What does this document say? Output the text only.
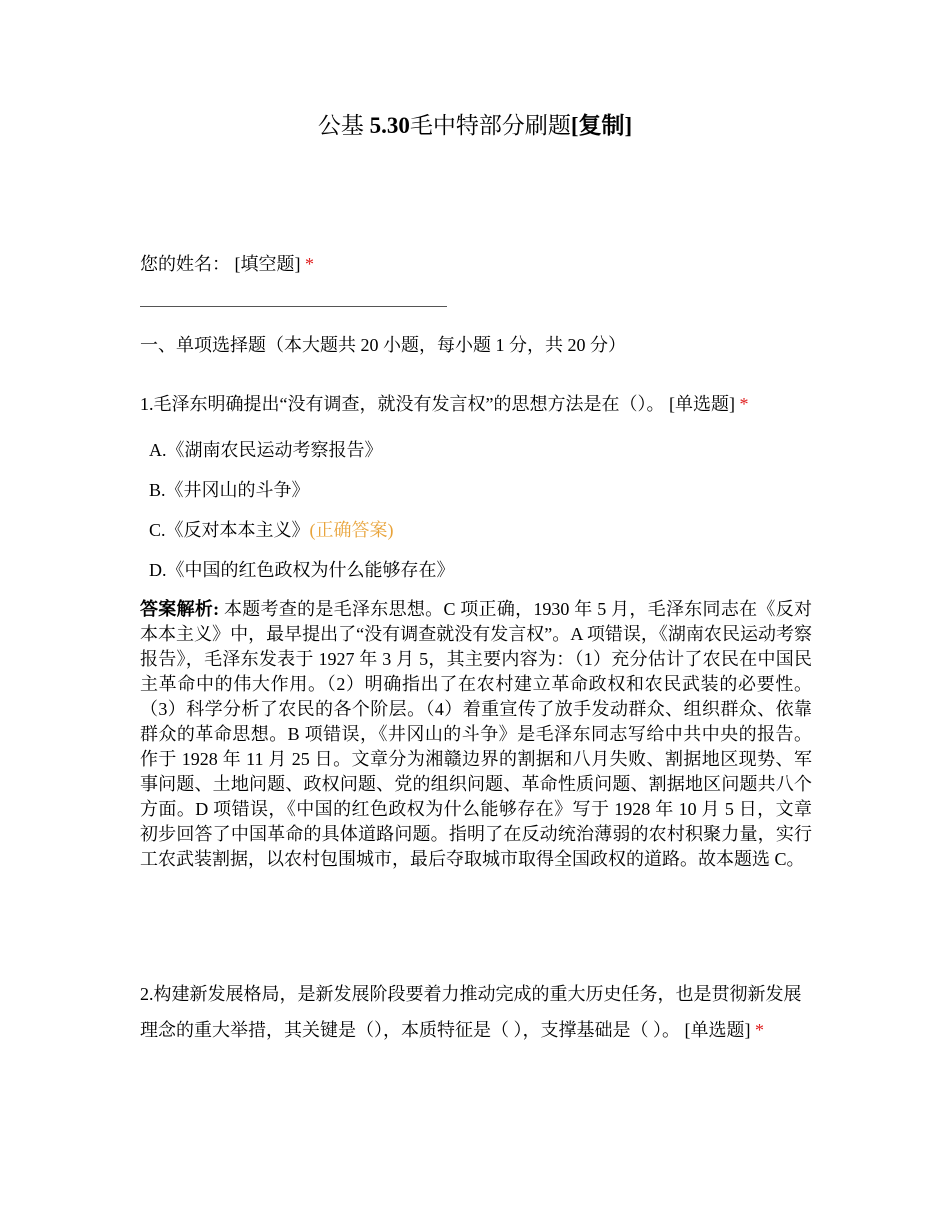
公基 5.30毛中特部分刷题[复制]
您的姓名： [填空题] *
一、单项选择题（本大题共 20 小题，每小题 1 分，共 20 分）
1.毛泽东明确提出“没有调查，就没有发言权”的思想方法是在（）。 [单选题] *
A.《湖南农民运动考察报告》
B.《井冈山的斗争》
C.《反对本本主义》(正确答案)
D.《中国的红色政权为什么能够存在》
答案解析: 本题考查的是毛泽东思想。C 项正确，1930 年 5 月，毛泽东同志在《反对本本主义》中，最早提出了“没有调查就没有发言权”。A 项错误，《湖南农民运动考察报告》，毛泽东发表于 1927 年 3 月 5，其主要内容为：（1）充分估计了农民在中国民主革命中的伟大作用。（2）明确指出了在农村建立革命政权和农民武装的必要性。（3）科学分析了农民的各个阶层。（4）着重宣传了放手发动群众、组织群众、依靠群众的革命思想。B 项错误，《井冈山的斗争》是毛泽东同志写给中共中央的报告。作于 1928 年 11 月 25 日。文章分为湘赣边界的割据和八月失败、割据地区现势、军事问题、土地问题、政权问题、党的组织问题、革命性质问题、割据地区问题共八个方面。D 项错误，《中国的红色政权为什么能够存在》写于 1928 年 10 月 5 日，文章初步回答了中国革命的具体道路问题。指明了在反动统治薄弱的农村积聚力量，实行工农武装割据，以农村包围城市，最后夺取城市取得全国政权的道路。故本题选 C。
2.构建新发展格局，是新发展阶段要着力推动完成的重大历史任务，也是贯彻新发展理念的重大举措，其关键是（），本质特征是（ ），支撑基础是（ ）。 [单选题] *
